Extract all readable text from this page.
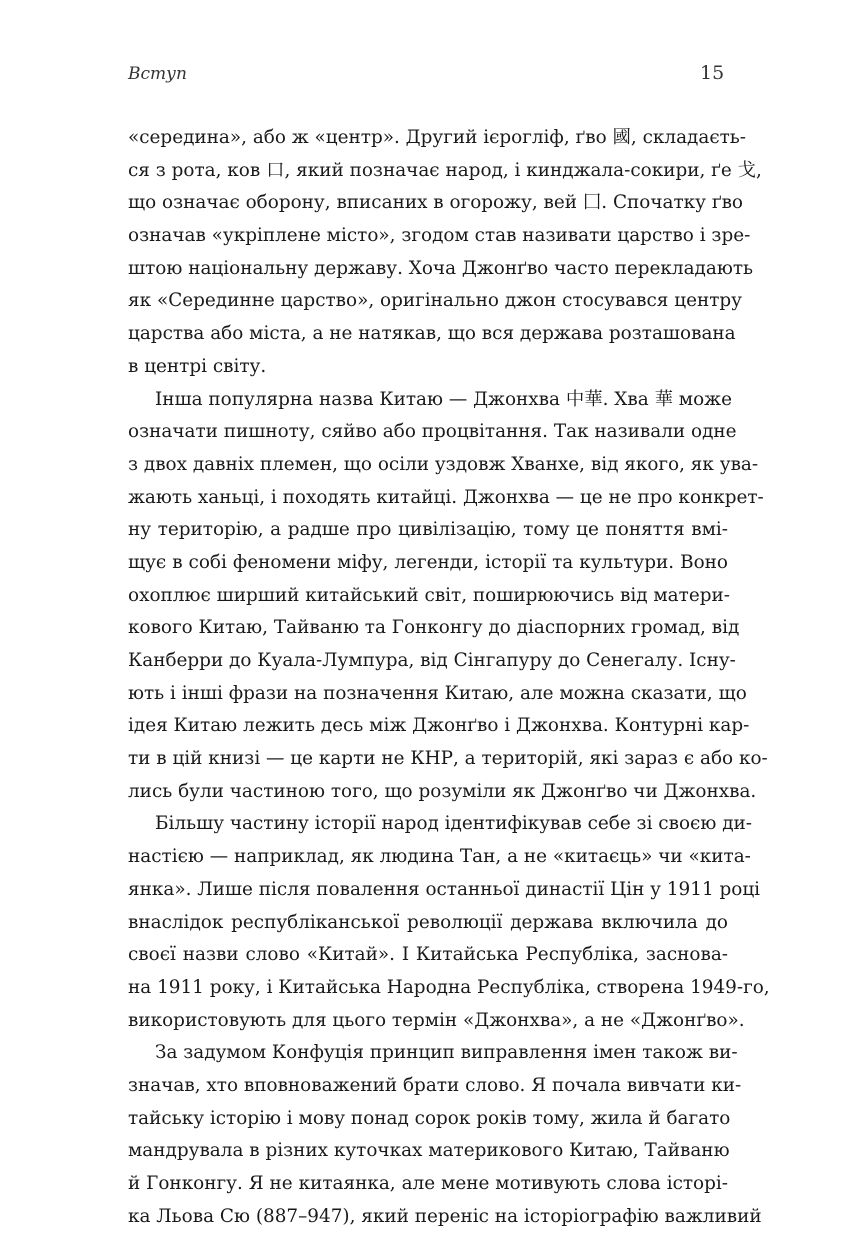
Вступ	15
«середина», або ж «центр». Другий ієрогліф, ґво 國, складаєть-
ся з рота, ков 口, який позначає народ, і кинджала-сокири, ґе 戈,
що означає оборону, вписаних в огорожу, вей 囗. Спочатку ґво
означав «укріплене місто», згодом став називати царство і зре-
штою національну державу. Хоча Джонґво часто перекладають
як «Серединне царство», оригінально джон стосувався центру
царства або міста, а не натякав, що вся держава розташована
в центрі світу.
Інша популярна назва Китаю — Джонхва 中華. Хва 華 може
означати пишноту, сяйво або процвітання. Так називали одне
з двох давніх племен, що осіли уздовж Хванхе, від якого, як ува-
жають ханьці, і походять китайці. Джонхва — це не про конкрет-
ну територію, а радше про цивілізацію, тому це поняття вмі-
щує в собі феномени міфу, легенди, історії та культури. Воно
охоплює ширший китайський світ, поширюючись від матери-
кового Китаю, Тайваню та Гонконгу до діаспорних громад, від
Канберри до Куала-Лумпура, від Сінгапуру до Сенегалу. Існу-
ють і інші фрази на позначення Китаю, але можна сказати, що
ідея Китаю лежить десь між Джонґво і Джонхва. Контурні кар-
ти в цій книзі — це карти не КНР, а територій, які зараз є або ко-
лись були частиною того, що розуміли як Джонґво чи Джонхва.
Більшу частину історії народ ідентифікував себе зі своєю ди-
настією — наприклад, як людина Тан, а не «китаєць» чи «кита-
янка». Лише після повалення останньої династії Цін у 1911 році
внаслідок республіканської революції держава включила до
своєї назви слово «Китай». І Китайська Республіка, заснова-
на 1911 року, і Китайська Народна Республіка, створена 1949-го,
використовують для цього термін «Джонхва», а не «Джонґво».
За задумом Конфуція принцип виправлення імен також ви-
значав, хто вповноважений брати слово. Я почала вивчати ки-
тайську історію і мову понад сорок років тому, жила й багато
мандрувала в різних куточках материкового Китаю, Тайваню
й Гонконгу. Я не китаянка, але мене мотивують слова історі-
ка Льова Сю (887–947), який переніс на історіографію важливий
